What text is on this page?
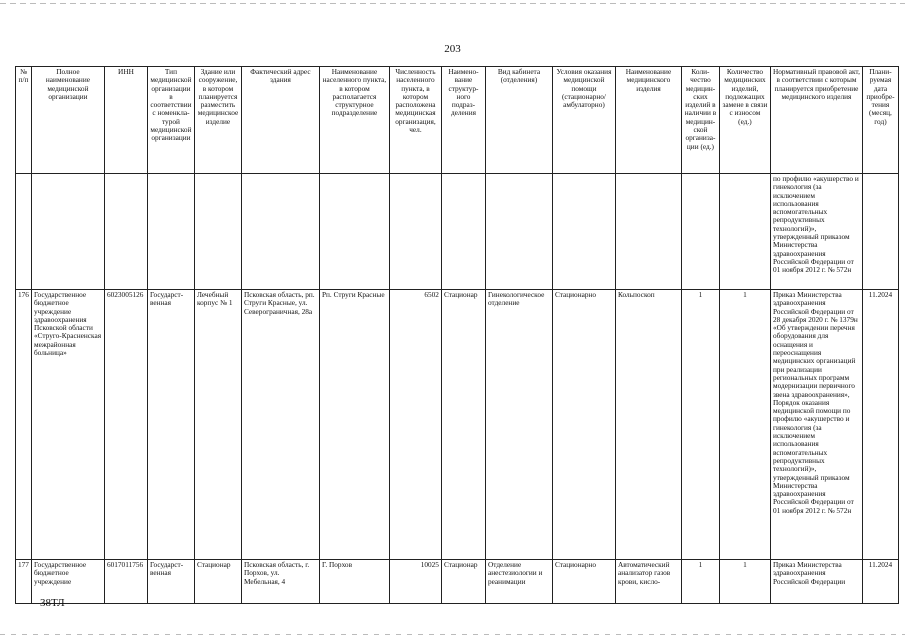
203
№ п/п	Полное наименование медицинской организации	ИНН	Тип медицинской организации в соответствии с номенкла-турой медицинской организации	Здание или сооружение, в котором планируется разместить медицинское изделие	Фактический адрес здания	Наименование населенного пункта, в котором располагается структурное подразделение	Численность населенного пункта, в котором расположена медицинская организация, чел.	Наимено-вание структур-ного подраз-деления	Вид кабинета (отделения)	Условия оказания медицинской помощи (стационарно/ амбулаторно)	Наименование медицинского изделия	Коли-чество медицин-ских изделий в наличии в медицин-ской организа-ции (ед.)	Количество медицинских изделий, подлежащих замене в связи с износом (ед.)	Нормативный правовой акт, в соответствии с которым планируется приобретение медицинского изделия	Плани-руемая дата приобре-тения (месяц, год)
														по профилю «акушерство и гинекология (за исключением использования вспомогательных репродуктивных технологий)», утвержденный приказом Министерства здравоохранения Российской Федерации от 01 ноября 2012 г. № 572н	
176	Государственное бюджетное учреждение здравоохранения Псковской области «Струго-Красненская межрайонная больница»	6023005126	Государст-венная	Лечебный корпус № 1	Псковская область, рп. Струги Красные, ул. Северограничная, 28а	Рп. Струги Красные	6502	Стационар	Гинекологическое отделение	Стационарно	Кольпоскоп	1	1	Приказ Министерства здравоохранения Российской Федерации от 28 декабря 2020 г. № 1379н «Об утверждении перечня оборудования для оснащения и переоснащения медицинских организаций при реализации региональных программ модернизации первичного звена здравоохранения», Порядок оказания медицинской помощи по профилю «акушерство и гинекология (за исключением использования вспомогательных репродуктивных технологий)», утвержденный приказом Министерства здравоохранения Российской Федерации от 01 ноября 2012 г. № 572н	11.2024
177	Государственное бюджетное учреждение	6017011756	Государст-венная	Стационар	Псковская область, г. Порхов, ул. Мебельная, 4	Г. Порхов	10025	Стационар	Отделение анестезиологии и реанимации	Стационарно	Автоматический анализатор газов крови, кисло-	1	1	Приказ Министерства здравоохранения Российской Федерации	11.2024
38ТЛ
